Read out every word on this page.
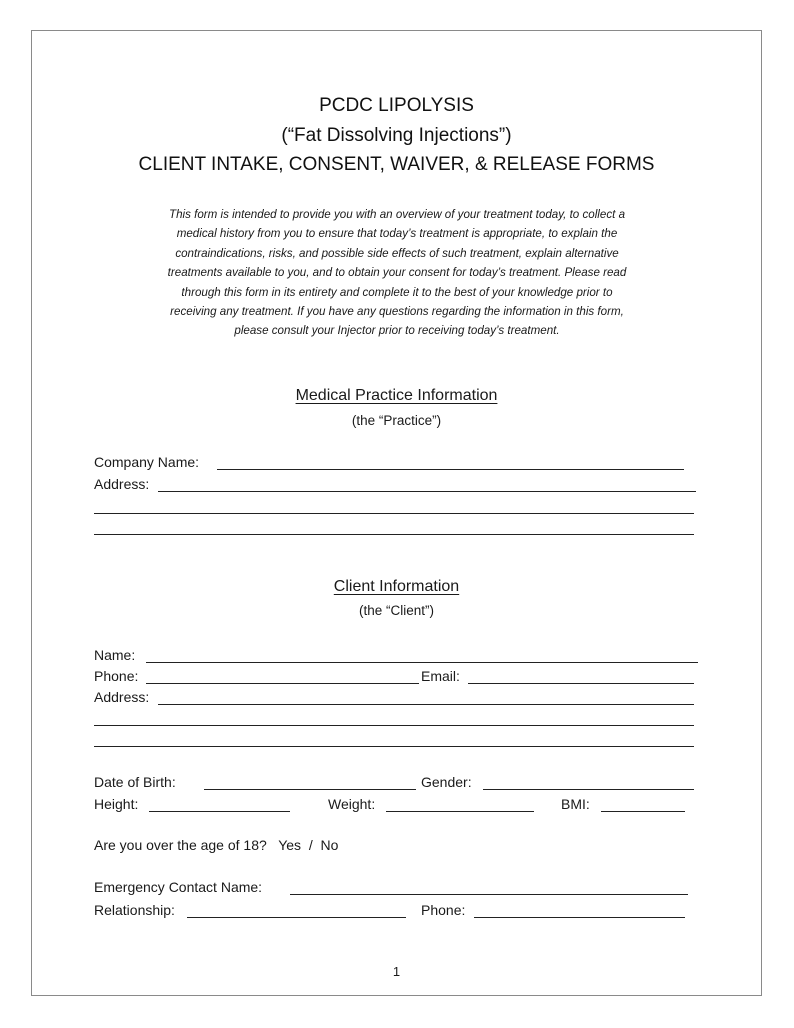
PCDC LIPOLYSIS
(“Fat Dissolving Injections”)
CLIENT INTAKE, CONSENT, WAIVER, & RELEASE FORMS
This form is intended to provide you with an overview of your treatment today, to collect a
medical history from you to ensure that today’s treatment is appropriate, to explain the
contraindications, risks, and possible side effects of such treatment, explain alternative
treatments available to you, and to obtain your consent for today’s treatment. Please read
through this form in its entirety and complete it to the best of your knowledge prior to
receiving any treatment. If you have any questions regarding the information in this form,
please consult your Injector prior to receiving today’s treatment.
Medical Practice Information
(the “Practice”)
Company Name:
Address:
Client Information
(the “Client”)
Name:
Phone:	Email:
Address:
Date of Birth:	Gender:
Height:	Weight:	BMI:
Are you over the age of 18? Yes  /  No
Emergency Contact Name:
Relationship:	Phone:
1
